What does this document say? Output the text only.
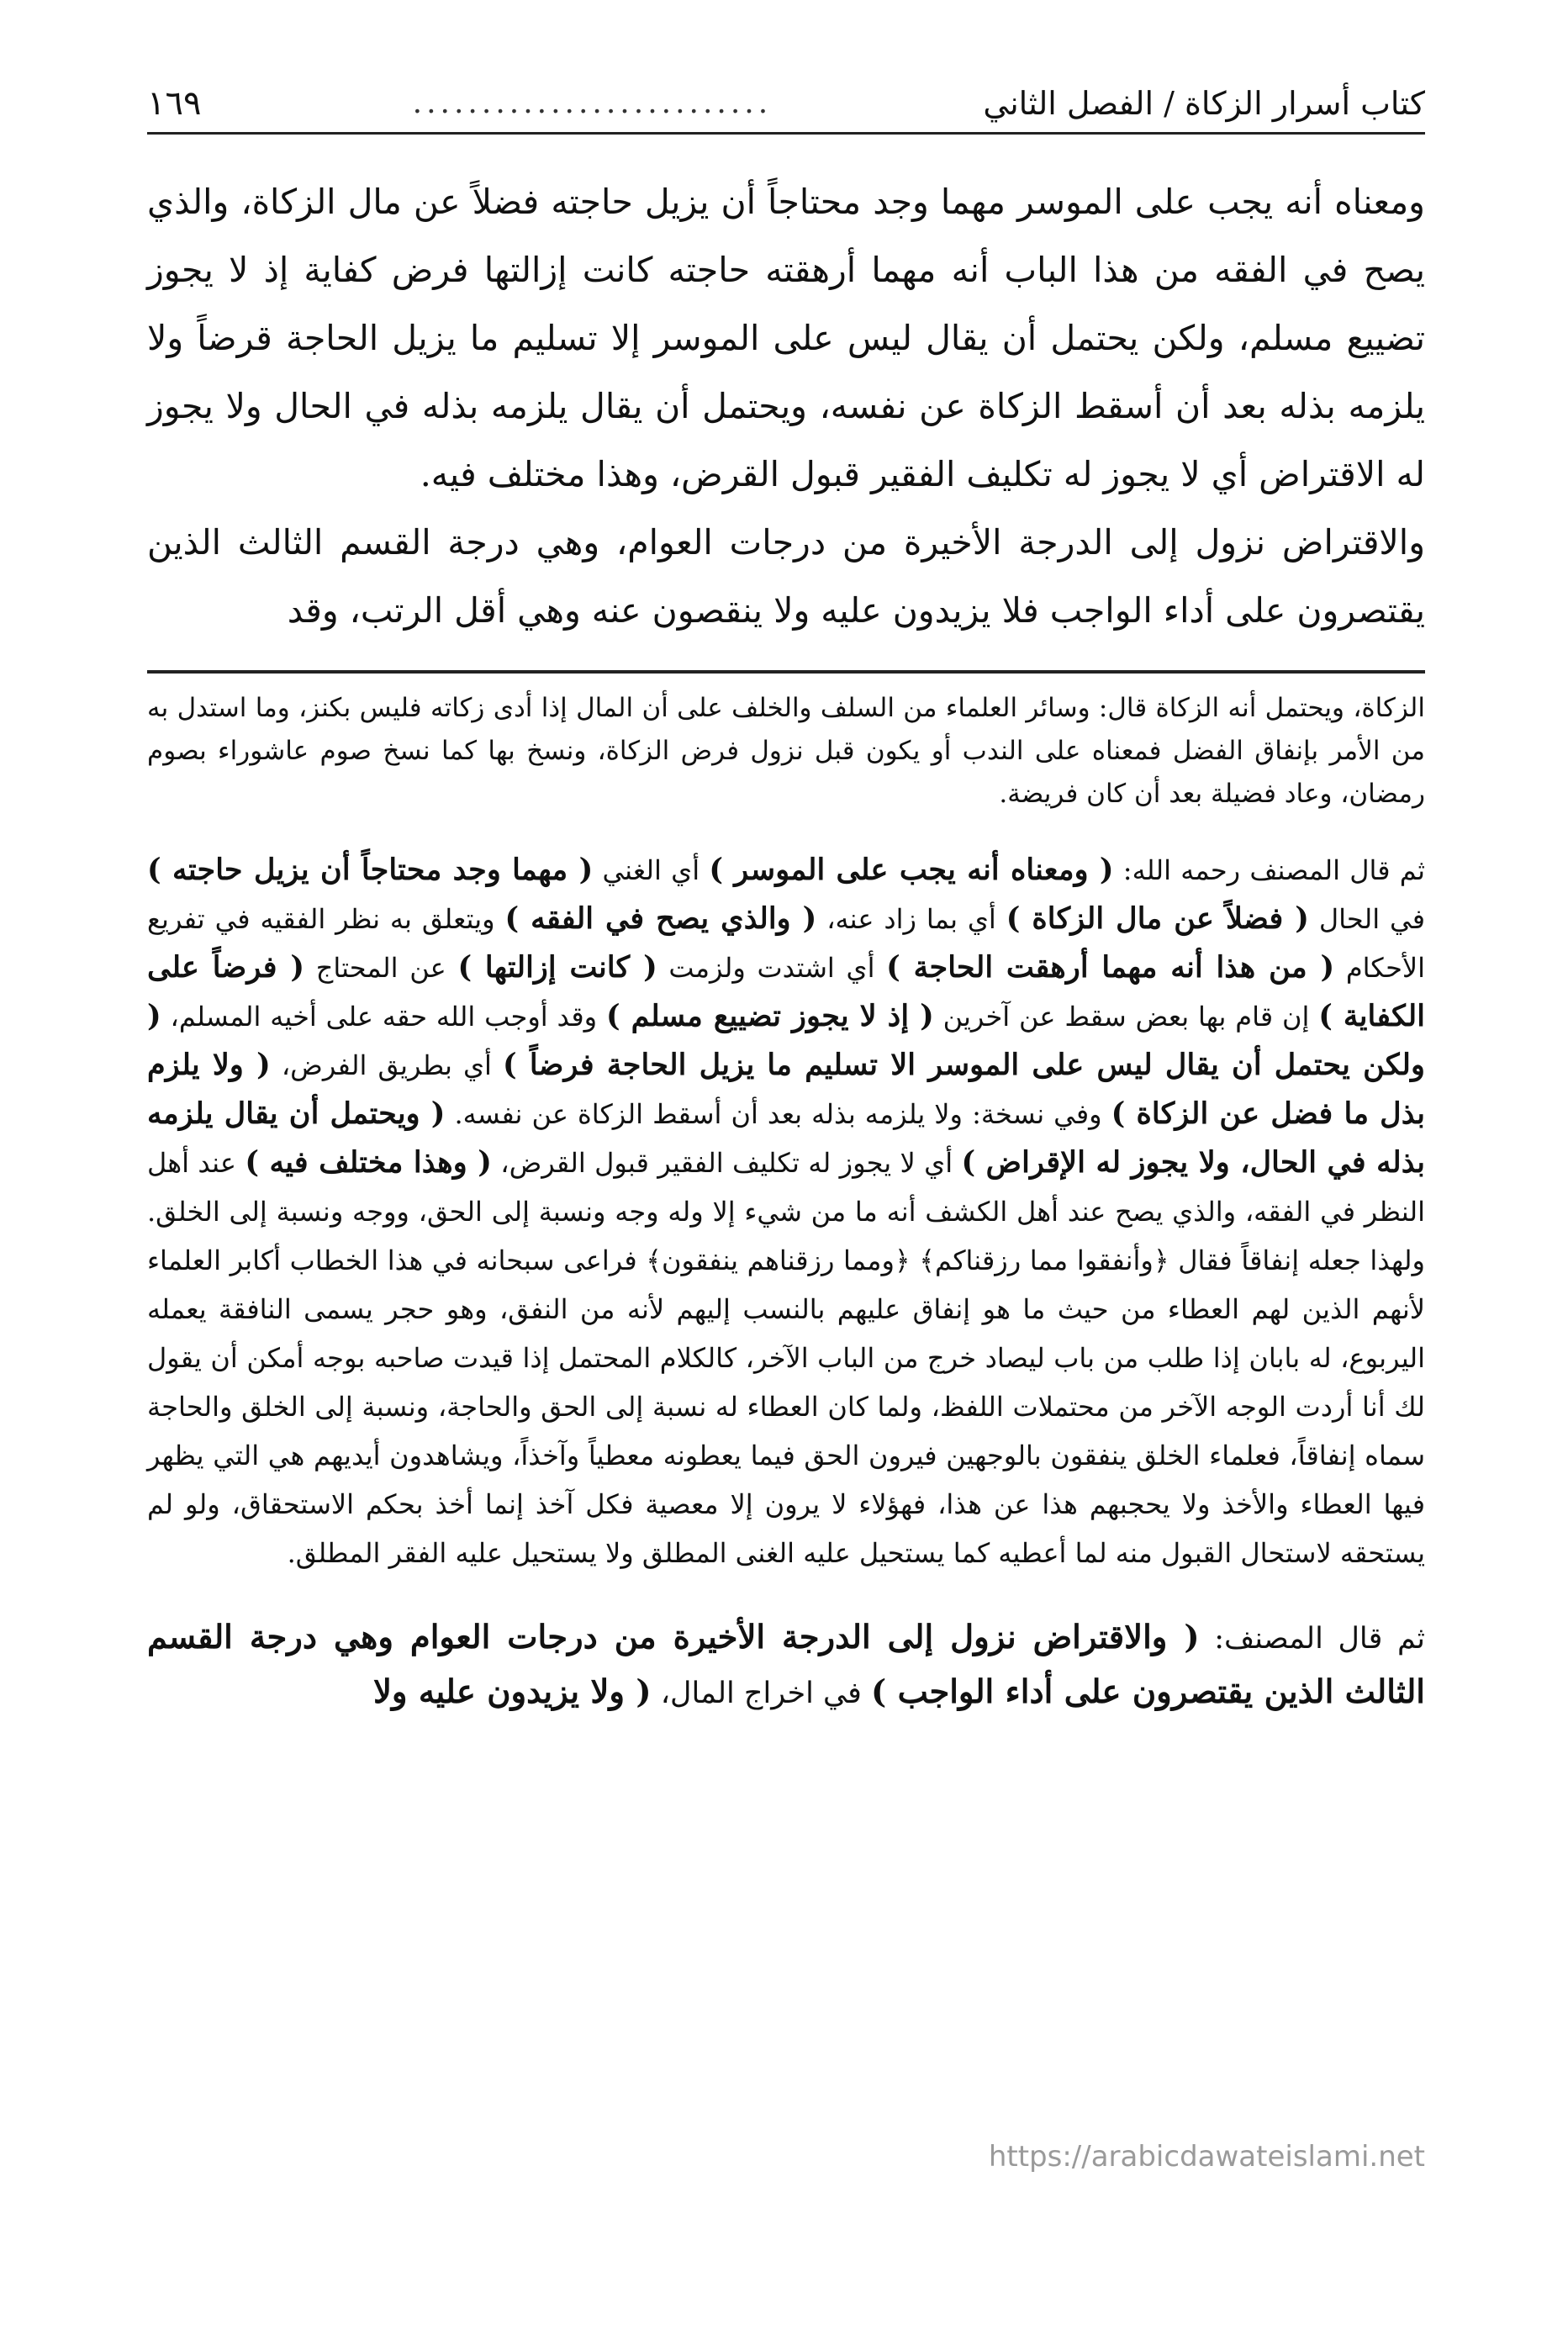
كتاب أسرار الزكاة / الفصل الثاني
..........................
١٦٩

ومعناه أنه يجب على الموسر مهما وجد محتاجاً أن يزيل حاجته فضلاً عن مال الزكاة، والذي يصح في الفقه من هذا الباب أنه مهما أرهقته حاجته كانت إزالتها فرض كفاية إذ لا يجوز تضييع مسلم، ولكن يحتمل أن يقال ليس على الموسر إلا تسليم ما يزيل الحاجة قرضاً ولا يلزمه بذله بعد أن أسقط الزكاة عن نفسه، ويحتمل أن يقال يلزمه بذله في الحال ولا يجوز له الاقتراض أي لا يجوز له تكليف الفقير قبول القرض، وهذا مختلف فيه.

والاقتراض نزول إلى الدرجة الأخيرة من درجات العوام، وهي درجة القسم الثالث الذين يقتصرون على أداء الواجب فلا يزيدون عليه ولا ينقصون عنه وهي أقل الرتب، وقد

الزكاة، ويحتمل أنه الزكاة قال: وسائر العلماء من السلف والخلف على أن المال إذا أدى زكاته فليس بكنز، وما استدل به من الأمر بإنفاق الفضل فمعناه على الندب أو يكون قبل نزول فرض الزكاة، ونسخ بها كما نسخ صوم عاشوراء بصوم رمضان، وعاد فضيلة بعد أن كان فريضة.

ثم قال المصنف رحمه الله: ( ومعناه أنه يجب على الموسر ) أي الغني ( مهما وجد محتاجاً أن يزيل حاجته ) في الحال ( فضلاً عن مال الزكاة ) أي بما زاد عنه، ( والذي يصح في الفقه ) ويتعلق به نظر الفقيه في تفريع الأحكام ( من هذا أنه مهما أرهقت الحاجة ) أي اشتدت ولزمت ( كانت إزالتها ) عن المحتاج ( فرضاً على الكفاية ) إن قام بها بعض سقط عن آخرين ( إذ لا يجوز تضييع مسلم ) وقد أوجب الله حقه على أخيه المسلم، ( ولكن يحتمل أن يقال ليس على الموسر الا تسليم ما يزيل الحاجة فرضاً ) أي بطريق الفرض، ( ولا يلزم بذل ما فضل عن الزكاة ) وفي نسخة: ولا يلزمه بذله بعد أن أسقط الزكاة عن نفسه. ( ويحتمل أن يقال يلزمه بذله في الحال، ولا يجوز له الإقراض ) أي لا يجوز له تكليف الفقير قبول القرض، ( وهذا مختلف فيه ) عند أهل النظر في الفقه، والذي يصح عند أهل الكشف أنه ما من شيء إلا وله وجه ونسبة إلى الحق، ووجه ونسبة إلى الخلق. ولهذا جعله إنفاقاً فقال ﴿وأنفقوا مما رزقناكم﴾ ﴿ومما رزقناهم ينفقون﴾ فراعى سبحانه في هذا الخطاب أكابر العلماء لأنهم الذين لهم العطاء من حيث ما هو إنفاق عليهم بالنسب إليهم لأنه من النفق، وهو حجر يسمى النافقة يعمله اليربوع، له بابان إذا طلب من باب ليصاد خرج من الباب الآخر، كالكلام المحتمل إذا قيدت صاحبه بوجه أمكن أن يقول لك أنا أردت الوجه الآخر من محتملات اللفظ، ولما كان العطاء له نسبة إلى الحق والحاجة، ونسبة إلى الخلق والحاجة سماه إنفاقاً، فعلماء الخلق ينفقون بالوجهين فيرون الحق فيما يعطونه معطياً وآخذاً، ويشاهدون أيديهم هي التي يظهر فيها العطاء والأخذ ولا يحجبهم هذا عن هذا، فهؤلاء لا يرون إلا معصية فكل آخذ إنما أخذ بحكم الاستحقاق، ولو لم يستحقه لاستحال القبول منه لما أعطيه كما يستحيل عليه الغنى المطلق ولا يستحيل عليه الفقر المطلق.

ثم قال المصنف: ( والاقتراض نزول إلى الدرجة الأخيرة من درجات العوام وهي درجة القسم الثالث الذين يقتصرون على أداء الواجب ) في اخراج المال، ( ولا يزيدون عليه ولا

https://arabicdawateislami.net
